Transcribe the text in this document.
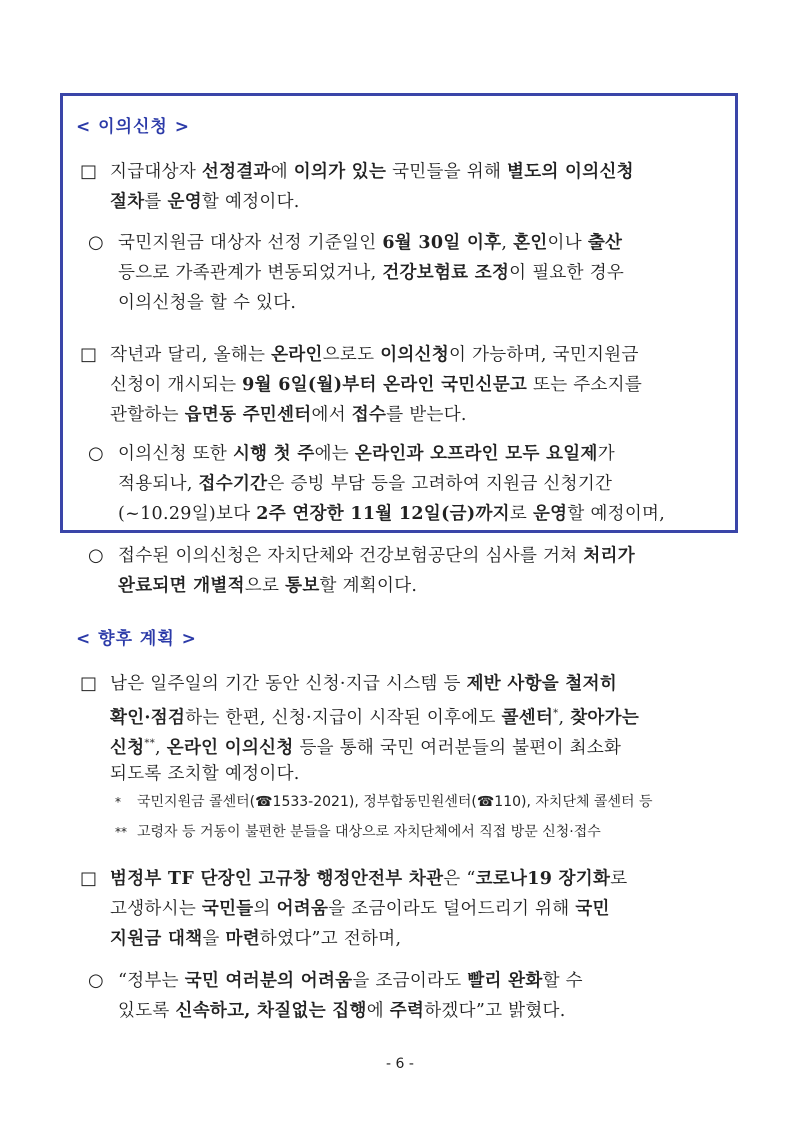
< 이의신청 >
□ 지급대상자 선정결과에 이의가 있는 국민들을 위해 별도의 이의신청
절차를 운영할 예정이다.
○ 국민지원금 대상자 선정 기준일인 6월 30일 이후, 혼인이나 출산
등으로 가족관계가 변동되었거나, 건강보험료 조정이 필요한 경우
이의신청을 할 수 있다.
□ 작년과 달리, 올해는 온라인으로도 이의신청이 가능하며, 국민지원금
신청이 개시되는 9월 6일(월)부터 온라인 국민신문고 또는 주소지를
관할하는 읍면동 주민센터에서 접수를 받는다.
○ 이의신청 또한 시행 첫 주에는 온라인과 오프라인 모두 요일제가
적용되나, 접수기간은 증빙 부담 등을 고려하여 지원금 신청기간
(~10.29일)보다 2주 연장한 11월 12일(금)까지로 운영할 예정이며,
○ 접수된 이의신청은 자치단체와 건강보험공단의 심사를 거쳐 처리가
완료되면 개별적으로 통보할 계획이다.
< 향후 계획 >
□ 남은 일주일의 기간 동안 신청·지급 시스템 등 제반 사항을 철저히
확인·점검하는 한편, 신청·지급이 시작된 이후에도 콜센터*, 찾아가는
신청**, 온라인 이의신청 등을 통해 국민 여러분들의 불편이 최소화
되도록 조치할 예정이다.
* 국민지원금 콜센터(☎1533-2021), 정부합동민원센터(☎110), 자치단체 콜센터 등
** 고령자 등 거동이 불편한 분들을 대상으로 자치단체에서 직접 방문 신청·접수
□ 범정부 TF 단장인 고규창 행정안전부 차관은 “코로나19 장기화로
고생하시는 국민들의 어려움을 조금이라도 덜어드리기 위해 국민
지원금 대책을 마련하였다”고 전하며,
○ “정부는 국민 여러분의 어려움을 조금이라도 빨리 완화할 수
있도록 신속하고, 차질없는 집행에 주력하겠다”고 밝혔다.
- 6 -
